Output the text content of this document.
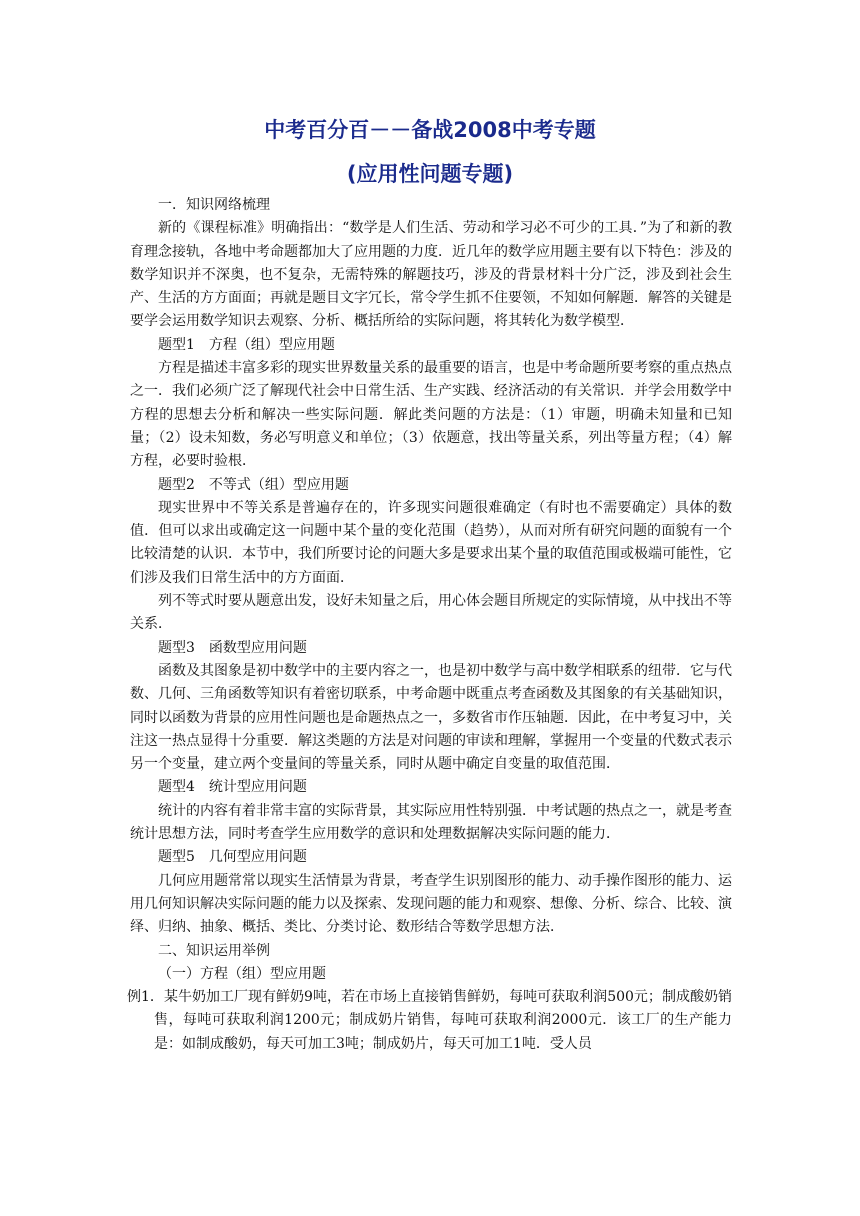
中考百分百－－备战2008中考专题
(应用性问题专题)

一．知识网络梳理

新的《课程标准》明确指出：“数学是人们生活、劳动和学习必不可少的工具．”为了和新的教育理念接轨，各地中考命题都加大了应用题的力度．近几年的数学应用题主要有以下特色：涉及的数学知识并不深奥，也不复杂，无需特殊的解题技巧，涉及的背景材料十分广泛，涉及到社会生产、生活的方方面面；再就是题目文字冗长，常令学生抓不住要领，不知如何解题．解答的关键是要学会运用数学知识去观察、分析、概括所给的实际问题，将其转化为数学模型．

题型1　方程（组）型应用题

方程是描述丰富多彩的现实世界数量关系的最重要的语言，也是中考命题所要考察的重点热点之一．我们必须广泛了解现代社会中日常生活、生产实践、经济活动的有关常识．并学会用数学中方程的思想去分析和解决一些实际问题．解此类问题的方法是：（1）审题，明确未知量和已知量；（2）设未知数，务必写明意义和单位；（3）依题意，找出等量关系，列出等量方程；（4）解方程，必要时验根．

题型2　不等式（组）型应用题

现实世界中不等关系是普遍存在的，许多现实问题很难确定（有时也不需要确定）具体的数值．但可以求出或确定这一问题中某个量的变化范围（趋势），从而对所有研究问题的面貌有一个比较清楚的认识．本节中，我们所要讨论的问题大多是要求出某个量的取值范围或极端可能性，它们涉及我们日常生活中的方方面面．

列不等式时要从题意出发，设好未知量之后，用心体会题目所规定的实际情境，从中找出不等关系．

题型3　函数型应用问题

函数及其图象是初中数学中的主要内容之一，也是初中数学与高中数学相联系的纽带．它与代数、几何、三角函数等知识有着密切联系，中考命题中既重点考查函数及其图象的有关基础知识，同时以函数为背景的应用性问题也是命题热点之一，多数省市作压轴题．因此，在中考复习中，关注这一热点显得十分重要．解这类题的方法是对问题的审读和理解，掌握用一个变量的代数式表示另一个变量，建立两个变量间的等量关系，同时从题中确定自变量的取值范围．

题型4　统计型应用问题

统计的内容有着非常丰富的实际背景，其实际应用性特别强．中考试题的热点之一，就是考查统计思想方法，同时考查学生应用数学的意识和处理数据解决实际问题的能力．

题型5　几何型应用问题

几何应用题常常以现实生活情景为背景，考查学生识别图形的能力、动手操作图形的能力、运用几何知识解决实际问题的能力以及探索、发现问题的能力和观察、想像、分析、综合、比较、演绎、归纳、抽象、概括、类比、分类讨论、数形结合等数学思想方法．

二、知识运用举例

（一）方程（组）型应用题

例1．某牛奶加工厂现有鲜奶9吨，若在市场上直接销售鲜奶，每吨可获取利润500元；制成酸奶销售，每吨可获取利润1200元；制成奶片销售，每吨可获取利润2000元．该工厂的生产能力是：如制成酸奶，每天可加工3吨；制成奶片，每天可加工1吨．受人员
